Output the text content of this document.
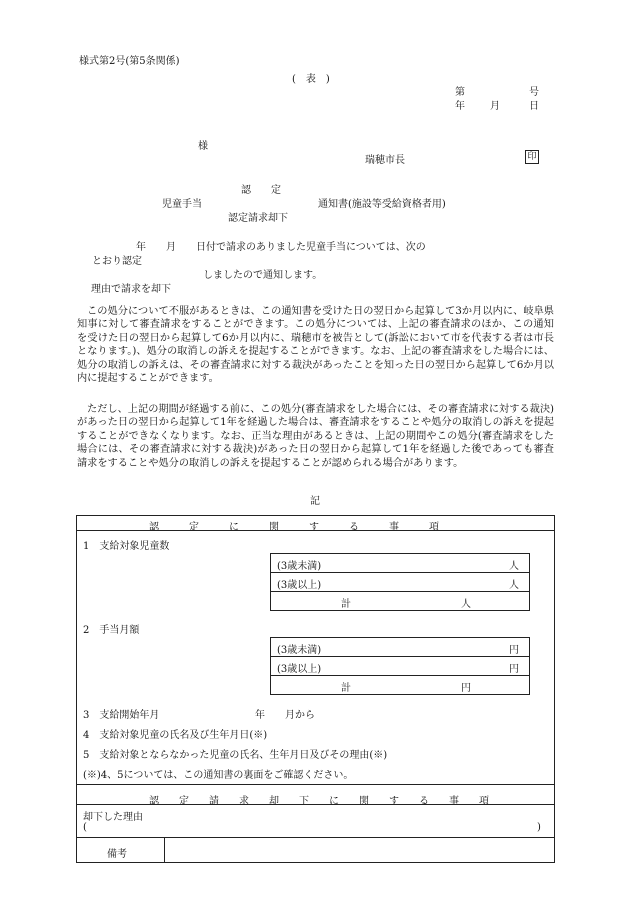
様式第2号(第5条関係)
(　表　)
第	号
年	月	日
様
瑞穂市長	印
認　　定
児童手当	通知書(施設等受給資格者用)
認定請求却下
年　　月　　日付で請求のありました児童手当については、次の
とおり認定
しましたので通知します。
理由で請求を却下
この処分について不服があるときは、この通知書を受けた日の翌日から起算して3か月以内に、岐阜県知事に対して審査請求をすることができます。この処分については、上記の審査請求のほか、この通知を受けた日の翌日から起算して6か月以内に、瑞穂市を被告として(訴訟において市を代表する者は市長となります。)、処分の取消しの訴えを提起することができます。なお、上記の審査請求をした場合には、処分の取消しの訴えは、その審査請求に対する裁決があったことを知った日の翌日から起算して6か月以内に提起することができます。
ただし、上記の期間が経過する前に、この処分(審査請求をした場合には、その審査請求に対する裁決)があった日の翌日から起算して1年を経過した場合は、審査請求をすることや処分の取消しの訴えを提起することができなくなります。なお、正当な理由があるときは、上記の期間やこの処分(審査請求をした場合には、その審査請求に対する裁決)があった日の翌日から起算して1年を経過した後であっても審査請求をすることや処分の取消しの訴えを提起することが認められる場合があります。
記
認　　　定　　　に　　　関　　　す　　　る　　　事　　　項
1　支給対象児童数
(3歳未満)	人
(3歳以上)	人
計	人
2　手当月額
(3歳未満)	円
(3歳以上)	円
計	円
3　支給開始年月	年　　月から
4　支給対象児童の氏名及び生年月日(※)
5　支給対象とならなかった児童の氏名、生年月日及びその理由(※)
(※)4、5については、この通知書の裏面をご確認ください。
認　　定　　請　　求　　却　　下　　に　　関　　す　　る　　事　　項
却下した理由
(	)
備考
